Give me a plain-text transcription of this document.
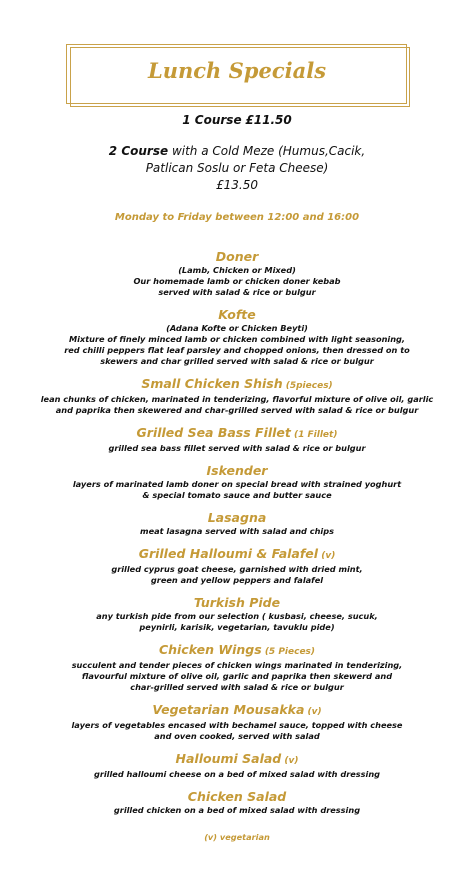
Lunch Specials
1 Course £11.50
2 Course with a Cold Meze (Humus,Cacik,
Patlican Soslu or Feta Cheese)
£13.50
Monday to Friday between 12:00 and 16:00
Doner
(Lamb, Chicken or Mixed)
Our homemade lamb or chicken doner kebab
served with salad & rice or bulgur
Kofte
(Adana Kofte or Chicken Beyti)
Mixture of finely minced lamb or chicken combined with light seasoning,
red chilli peppers flat leaf parsley and chopped onions, then dressed on to
skewers and char grilled served with salad & rice or bulgur
Small Chicken Shish (5pieces)
lean chunks of chicken, marinated in tenderizing, flavorful mixture of olive oil, garlic
and paprika then skewered and char-grilled served with salad & rice or bulgur
Grilled Sea Bass Fillet (1 Fillet)
grilled sea bass fillet served with salad & rice or bulgur
Iskender
layers of marinated lamb doner on special bread with strained yoghurt
& special tomato sauce and butter sauce
Lasagna
meat lasagna served with salad and chips
Grilled Halloumi & Falafel (v)
grilled cyprus goat cheese, garnished with dried mint,
green and yellow peppers and falafel
Turkish Pide
any turkish pide from our selection ( kusbasi, cheese, sucuk,
peynirli, karisik, vegetarian, tavuklu pide)
Chicken Wings (5 Pieces)
succulent and tender pieces of chicken wings marinated in tenderizing,
flavourful mixture of olive oil, garlic and paprika then skewerd and
char-grilled served with salad & rice or bulgur
Vegetarian Mousakka (v)
layers of vegetables encased with bechamel sauce, topped with cheese
and oven cooked, served with salad
Halloumi Salad (v)
grilled halloumi cheese on a bed of mixed salad with dressing
Chicken Salad
grilled chicken on a bed of mixed salad with dressing
(v) vegetarian
